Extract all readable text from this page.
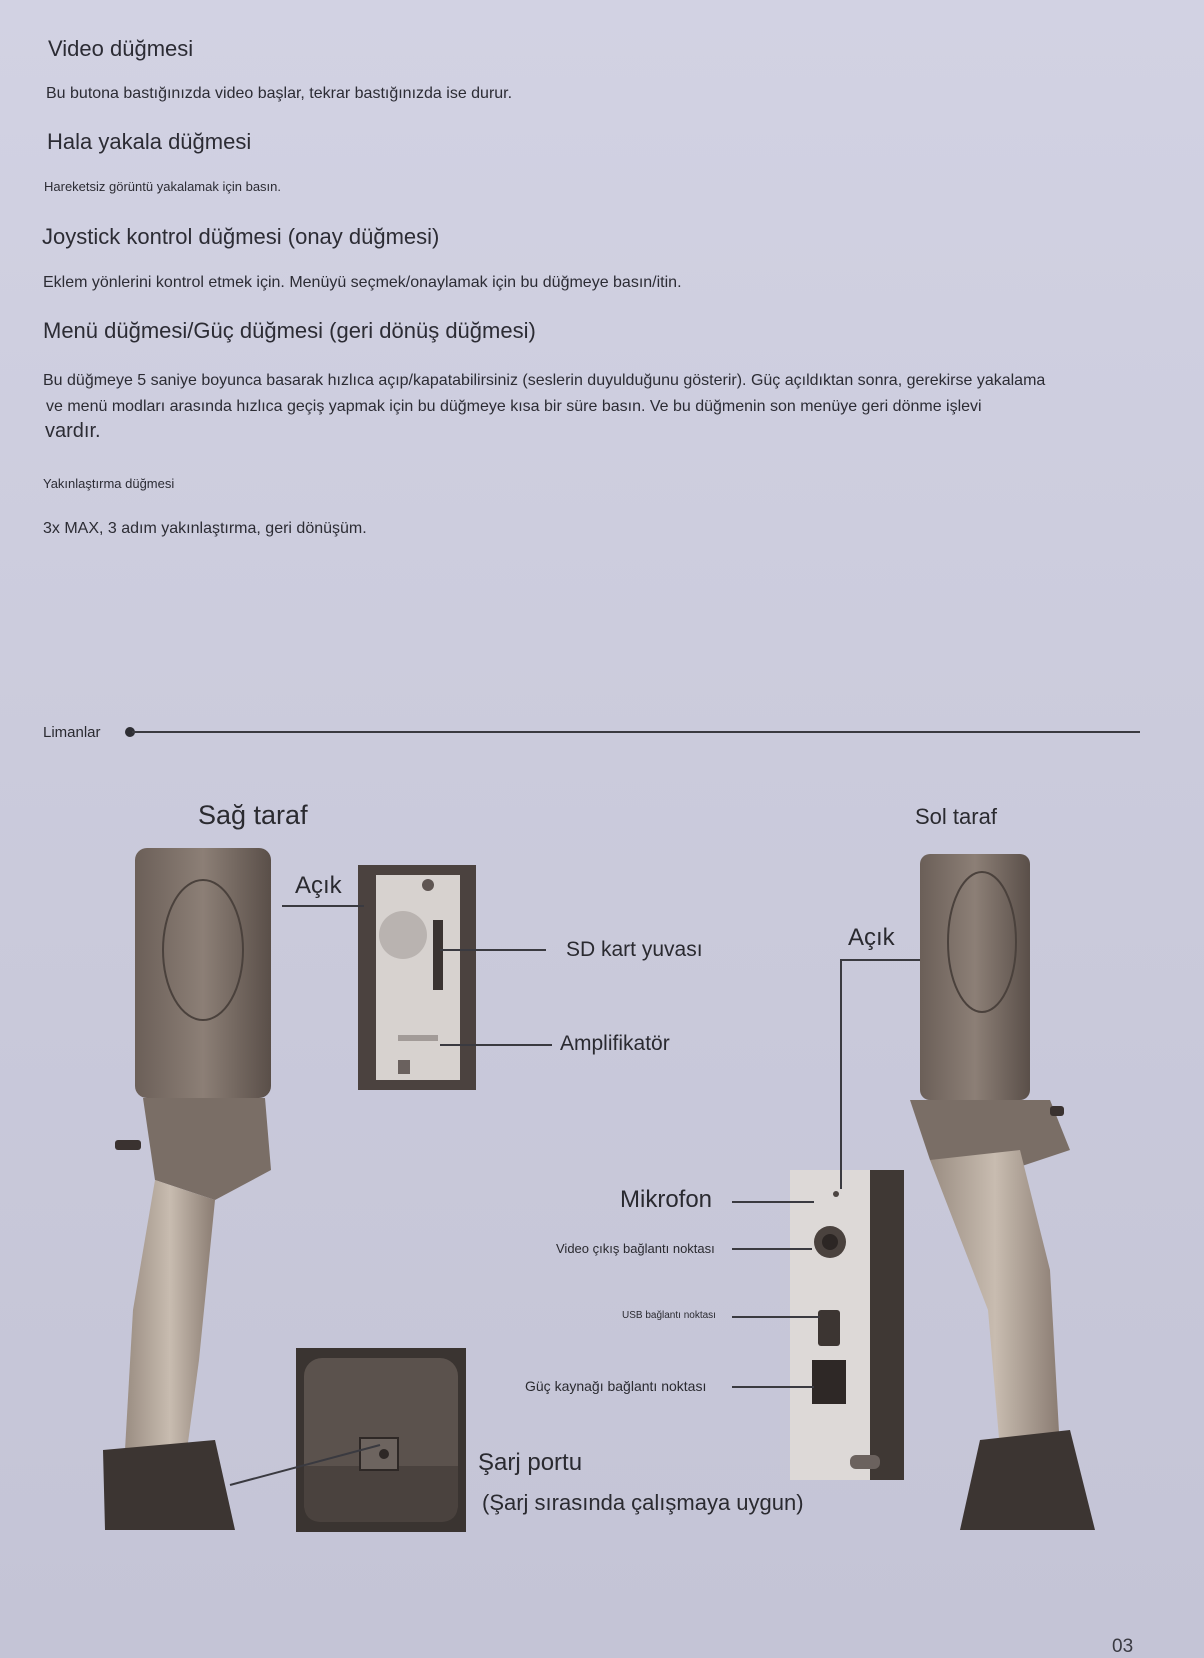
Video düğmesi
Bu butona bastığınızda video başlar, tekrar bastığınızda ise durur.
Hala yakala düğmesi
Hareketsiz görüntü yakalamak için basın.
Joystick kontrol düğmesi (onay düğmesi)
Eklem yönlerini kontrol etmek için. Menüyü seçmek/onaylamak için bu düğmeye basın/itin.
Menü düğmesi/Güç düğmesi (geri dönüş düğmesi)
Bu düğmeye 5 saniye boyunca basarak hızlıca açıp/kapatabilirsiniz (seslerin duyulduğunu gösterir). Güç açıldıktan sonra, gerekirse yakalama
ve menü modları arasında hızlıca geçiş yapmak için bu düğmeye kısa bir süre basın. Ve bu düğmenin son menüye geri dönme işlevi
vardır.
Yakınlaştırma düğmesi
3x MAX, 3 adım yakınlaştırma, geri dönüşüm.
Limanlar
Sağ taraf	Sol taraf
Açık
SD kart yuvası
Amplifikatör
Açık
Mikrofon
Video çıkış bağlantı noktası
USB bağlantı noktası
Güç kaynağı bağlantı noktası
Şarj portu
(Şarj sırasında çalışmaya uygun)
03
